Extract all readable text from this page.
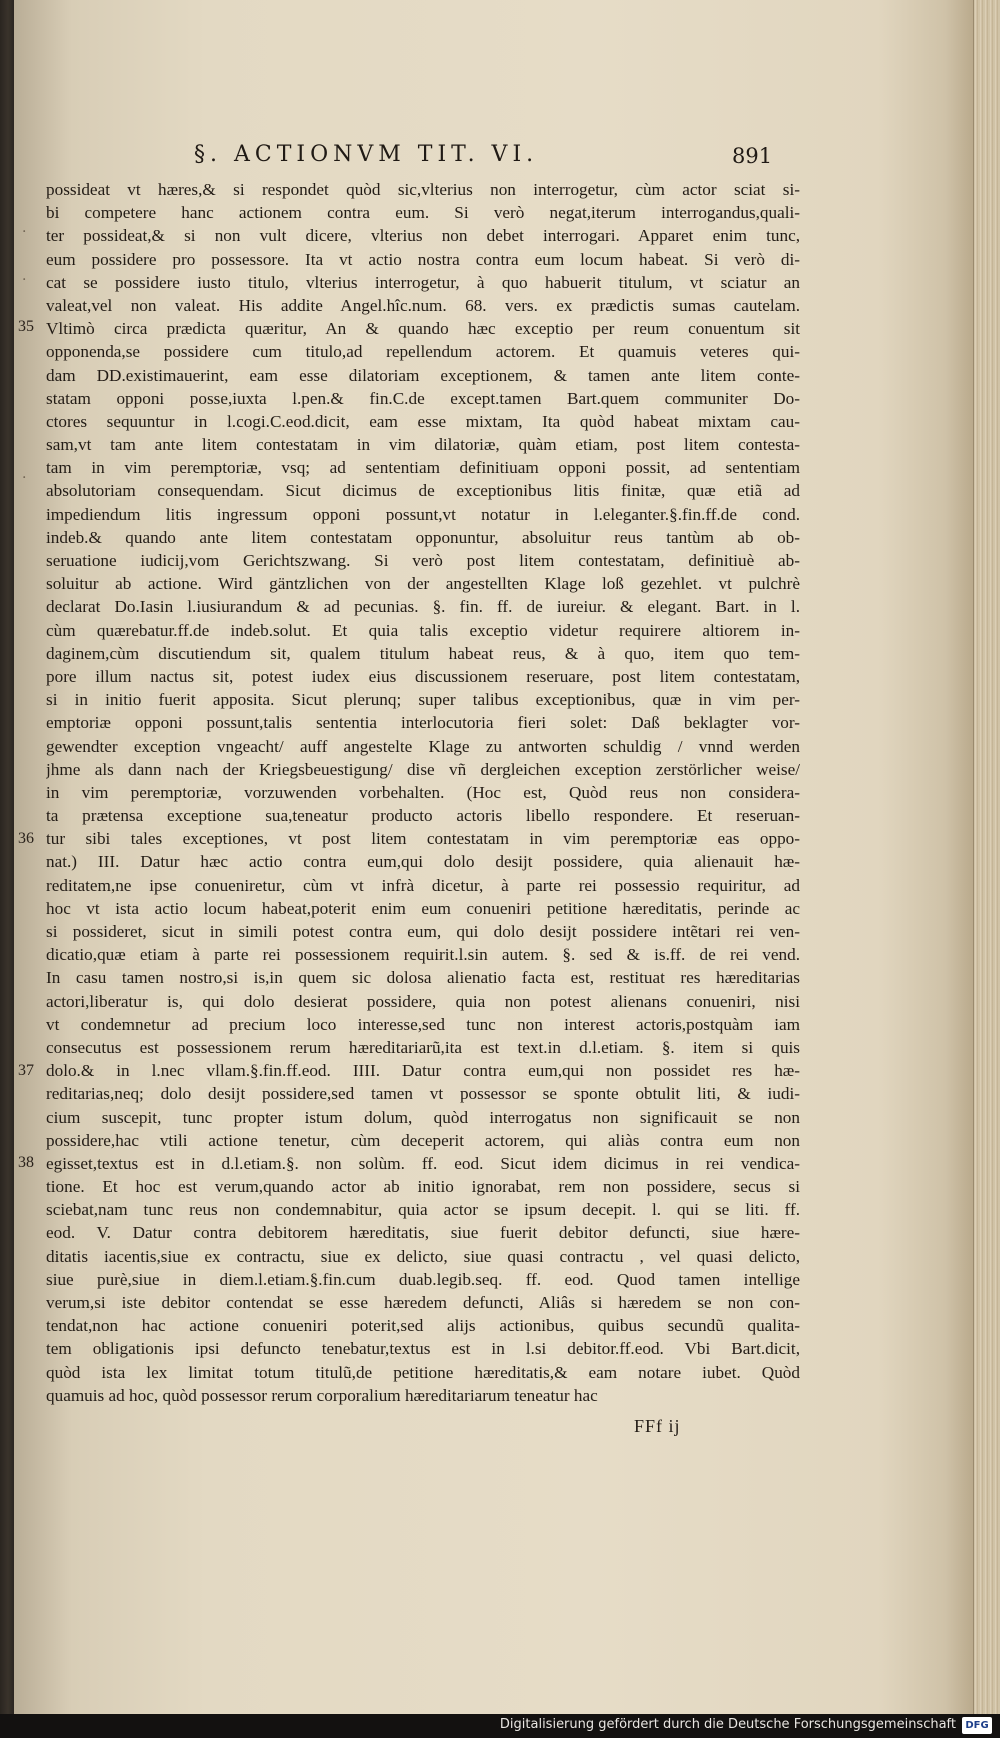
§. ACTIONVM TIT. VI.	891
·
·
·
35
36
37
38
possideat vt hæres,& si respondet quòd sic,vlterius non interrogetur, cùm actor sciat si-
bi competere hanc actionem contra eum. Si verò negat,iterum interrogandus,quali-
ter possideat,& si non vult dicere, vlterius non debet interrogari. Apparet enim tunc,
eum possidere pro possessore. Ita vt actio nostra contra eum locum habeat. Si verò di-
cat se possidere iusto titulo, vlterius interrogetur, à quo habuerit titulum, vt sciatur an
valeat,vel non valeat. His addite Angel.hîc.num. 68. vers. ex prædictis sumas cautelam.
Vltimò circa prædicta quæritur, An & quando hæc exceptio per reum conuentum sit
opponenda,se possidere cum titulo,ad repellendum actorem. Et quamuis veteres qui-
dam DD.existimauerint, eam esse dilatoriam exceptionem, & tamen ante litem conte-
statam opponi posse,iuxta l.pen.& fin.C.de except.tamen Bart.quem communiter Do-
ctores sequuntur in l.cogi.C.eod.dicit, eam esse mixtam, Ita quòd habeat mixtam cau-
sam,vt tam ante litem contestatam in vim dilatoriæ, quàm etiam, post litem contesta-
tam in vim peremptoriæ, vsq; ad sententiam definitiuam opponi possit, ad sententiam
absolutoriam consequendam. Sicut dicimus de exceptionibus litis finitæ, quæ etiã ad
impediendum litis ingressum opponi possunt,vt notatur in l.eleganter.§.fin.ff.de cond.
indeb.& quando ante litem contestatam opponuntur, absoluitur reus tantùm ab ob-
seruatione iudicij,vom Gerichtszwang. Si verò post litem contestatam, definitiuè ab-
soluitur ab actione. Wird gäntzlichen von der angestellten Klage loß gezehlet. vt pulchrè
declarat Do.Iasin l.iusiurandum & ad pecunias. §. fin. ff. de iureiur. & elegant. Bart. in l.
cùm quærebatur.ff.de indeb.solut. Et quia talis exceptio videtur requirere altiorem in-
daginem,cùm discutiendum sit, qualem titulum habeat reus, & à quo, item quo tem-
pore illum nactus sit, potest iudex eius discussionem reseruare, post litem contestatam,
si in initio fuerit apposita. Sicut plerunq; super talibus exceptionibus, quæ in vim per-
emptoriæ opponi possunt,talis sententia interlocutoria fieri solet: Daß beklagter vor-
gewendter exception vngeacht/ auff angestelte Klage zu antworten schuldig / vnnd werden
jhme als dann nach der Kriegsbeuestigung/ dise vñ dergleichen exception zerstörlicher weise/
in vim peremptoriæ, vorzuwenden vorbehalten. (Hoc est, Quòd reus non considera-
ta prætensa exceptione sua,teneatur producto actoris libello respondere. Et reseruan-
tur sibi tales exceptiones, vt post litem contestatam in vim peremptoriæ eas oppo-
nat.) III. Datur hæc actio contra eum,qui dolo desijt possidere, quia alienauit hæ-
reditatem,ne ipse conueniretur, cùm vt infrà dicetur, à parte rei possessio requiritur, ad
hoc vt ista actio locum habeat,poterit enim eum conueniri petitione hæreditatis, perinde ac
si possideret, sicut in simili potest contra eum, qui dolo desijt possidere intẽtari rei ven-
dicatio,quæ etiam à parte rei possessionem requirit.l.sin autem. §. sed & is.ff. de rei vend.
In casu tamen nostro,si is,in quem sic dolosa alienatio facta est, restituat res hæreditarias
actori,liberatur is, qui dolo desierat possidere, quia non potest alienans conueniri, nisi
vt condemnetur ad precium loco interesse,sed tunc non interest actoris,postquàm iam
consecutus est possessionem rerum hæreditariarũ,ita est text.in d.l.etiam. §. item si quis
dolo.& in l.nec vllam.§.fin.ff.eod. IIII. Datur contra eum,qui non possidet res hæ-
reditarias,neq; dolo desijt possidere,sed tamen vt possessor se sponte obtulit liti, & iudi-
cium suscepit, tunc propter istum dolum, quòd interrogatus non significauit se non
possidere,hac vtili actione tenetur, cùm deceperit actorem, qui aliàs contra eum non
egisset,textus est in d.l.etiam.§. non solùm. ff. eod. Sicut idem dicimus in rei vendica-
tione. Et hoc est verum,quando actor ab initio ignorabat, rem non possidere, secus si
sciebat,nam tunc reus non condemnabitur, quia actor se ipsum decepit. l. qui se liti. ff.
eod. V. Datur contra debitorem hæreditatis, siue fuerit debitor defuncti, siue hære-
ditatis iacentis,siue ex contractu, siue ex delicto, siue quasi contractu , vel quasi delicto,
siue purè,siue in diem.l.etiam.§.fin.cum duab.legib.seq. ff. eod. Quod tamen intellige
verum,si iste debitor contendat se esse hæredem defuncti, Aliâs si hæredem se non con-
tendat,non hac actione conueniri poterit,sed alijs actionibus, quibus secundũ qualita-
tem obligationis ipsi defuncto tenebatur,textus est in l.si debitor.ff.eod. Vbi Bart.dicit,
quòd ista lex limitat totum titulũ,de petitione hæreditatis,& eam notare iubet. Quòd
quamuis ad hoc, quòd possessor rerum corporalium hæreditariarum teneatur hac
FFf ij
Digitalisierung gefördert durch die Deutsche Forschungsgemeinschaft DFG
